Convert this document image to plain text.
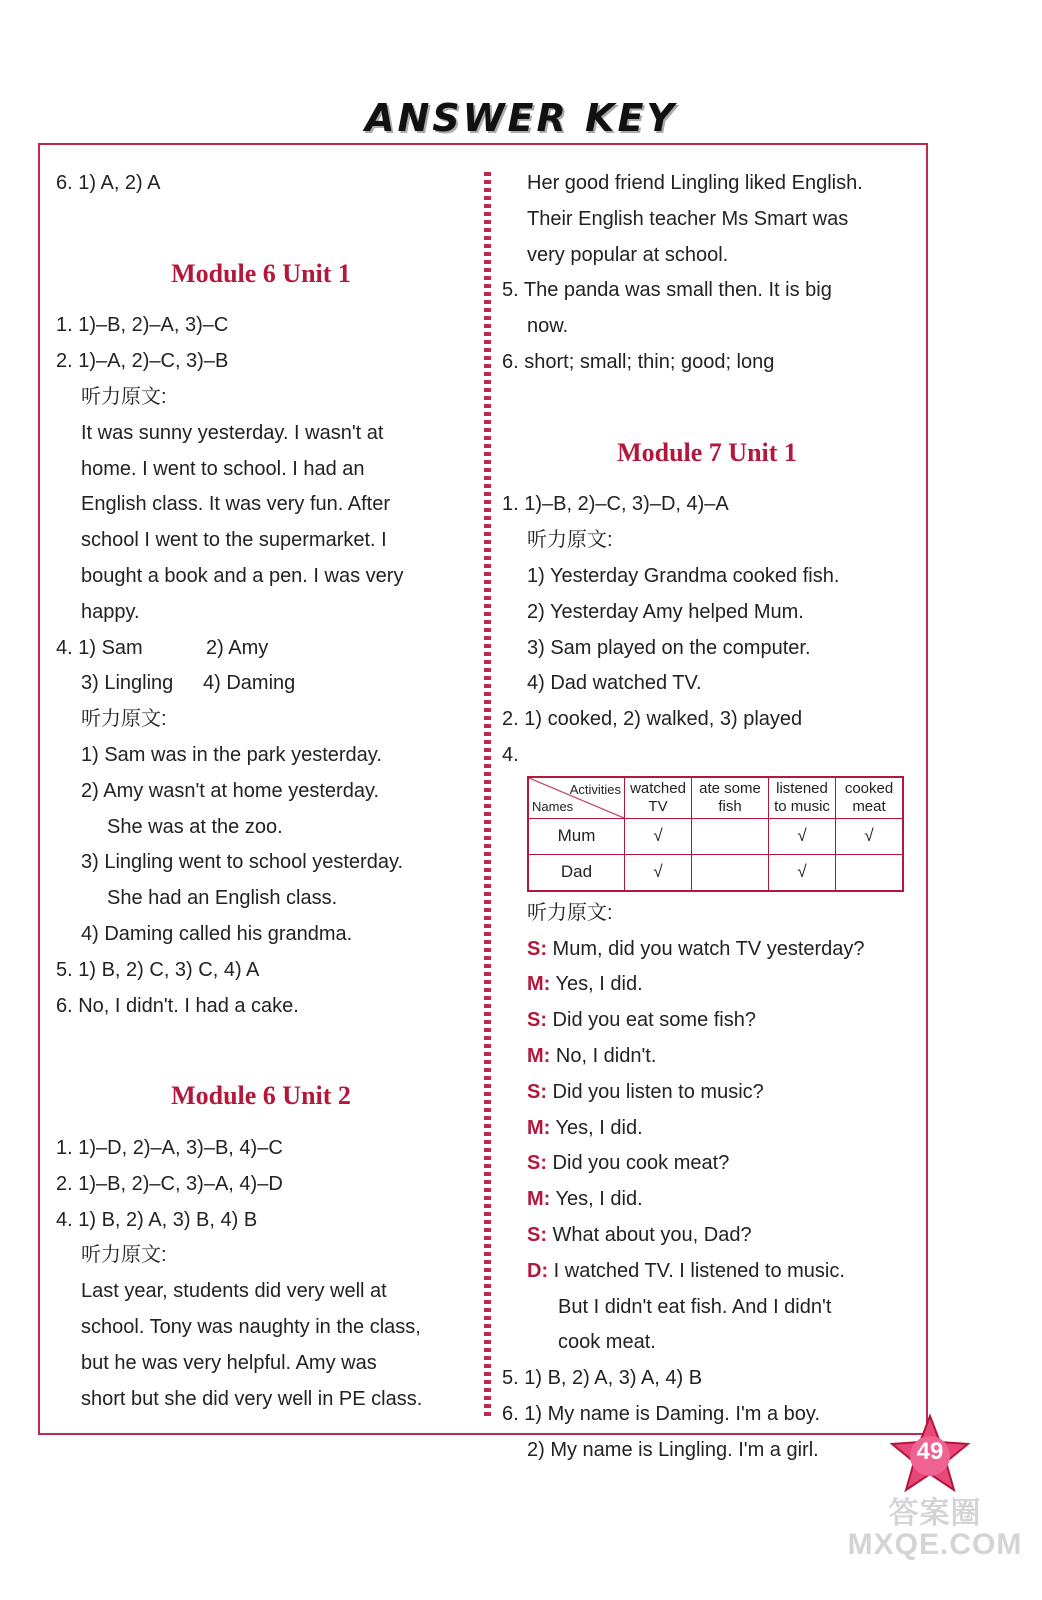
ANSWER KEY
6. 1) A, 2) A
Module 6 Unit 1
1. 1)–B, 2)–A, 3)–C
2. 1)–A, 2)–C, 3)–B
听力原文:
It was sunny yesterday. I wasn't at
home. I went to school. I had an
English class. It was very fun. After
school I went to the supermarket. I
bought a book and a pen. I was very
happy.
4. 1) Sam	2) Amy
3) Lingling	4) Daming
听力原文:
1) Sam was in the park yesterday.
2) Amy wasn't at home yesterday.
She was at the zoo.
3) Lingling went to school yesterday.
She had an English class.
4) Daming called his grandma.
5. 1) B, 2) C, 3) C, 4) A
6. No, I didn't. I had a cake.
Module 6 Unit 2
1. 1)–D, 2)–A, 3)–B, 4)–C
2. 1)–B, 2)–C, 3)–A, 4)–D
4. 1) B, 2) A, 3) B, 4) B
听力原文:
Last year, students did very well at
school. Tony was naughty in the class,
but he was very helpful. Amy was
short but she did very well in PE class.
Her good friend Lingling liked English.
Their English teacher Ms Smart was
very popular at school.
5. The panda was small then. It is big
now.
6. short; small; thin; good; long
Module 7 Unit 1
1. 1)–B, 2)–C, 3)–D, 4)–A
听力原文:
1) Yesterday Grandma cooked fish.
2) Yesterday Amy helped Mum.
3) Sam played on the computer.
4) Dad watched TV.
2. 1) cooked, 2) walked, 3) played
4.
Activities
Names	watched TV	ate some fish	listened to music	cooked meat
Mum	√		√	√
Dad	√		√	
听力原文:
S: Mum, did you watch TV yesterday?
M: Yes, I did.
S: Did you eat some fish?
M: No, I didn't.
S: Did you listen to music?
M: Yes, I did.
S: Did you cook meat?
M: Yes, I did.
S: What about you, Dad?
D: I watched TV. I listened to music.
But I didn't eat fish. And I didn't
cook meat.
5. 1) B, 2) A, 3) A, 4) B
6. 1) My name is Daming. I'm a boy.
2) My name is Lingling. I'm a girl.	49
答案圈
MXQE.COM
